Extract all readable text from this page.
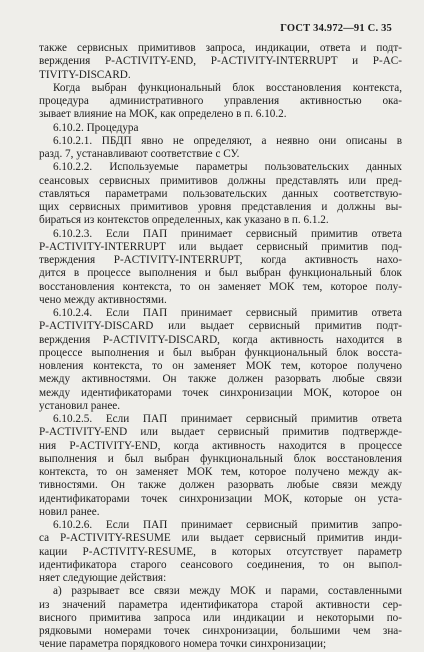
ГОСТ 34.972—91 С. 35
также сервисных примитивов запроса, индикации, ответа и подт-
верждения P-ACTIVITY-END, P-ACTIVITY-INTERRUPT и P-AC-
TIVITY-DISCARD.
Когда выбран функциональный блок восстановления контекста,
процедура административного управления активностью ока-
зывает влияние на МОК, как определено в п. 6.10.2.
6.10.2. Процедура
6.10.2.1. ПБДП явно не определяют, а неявно они описаны в
разд. 7, устанавливают соответствие с СУ.
6.10.2.2. Используемые параметры пользовательских данных
сеансовых сервисных примитивов должны представлять или пред-
ставляться параметрами пользовательских данных соответствую-
щих сервисных примитивов уровня представления и должны вы-
бираться из контекстов определенных, как указано в п. 6.1.2.
6.10.2.3. Если ПАП принимает сервисный примитив ответа
P-ACTIVITY-INTERRUPT или выдает сервисный примитив под-
тверждения P-ACTIVITY-INTERRUPT, когда активность нахо-
дится в процессе выполнения и был выбран функциональный блок
восстановления контекста, то он заменяет МОК тем, которое полу-
чено между активностями.
6.10.2.4. Если ПАП принимает сервисный примитив ответа
P-ACTIVITY-DISCARD или выдает сервисный примитив подт-
верждения P-ACTIVITY-DISCARD, когда активность находится в
процессе выполнения и был выбран функциональный блок восста-
новления контекста, то он заменяет МОК тем, которое получено
между активностями. Он также должен разорвать любые связи
между идентификаторами точек синхронизации МОК, которое он
установил ранее.
6.10.2.5. Если ПАП принимает сервисный примитив ответа
P-ACTIVITY-END или выдает сервисный примитив подтвержде-
ния P-ACTIVITY-END, когда активность находится в процессе
выполнения и был выбран функциональный блок восстановления
контекста, то он заменяет МОК тем, которое получено между ак-
тивностями. Он также должен разорвать любые связи между
идентификаторами точек синхронизации МОК, которые он уста-
новил ранее.
6.10.2.6. Если ПАП принимает сервисный примитив запро-
са P-ACTIVITY-RESUME или выдает сервисный примитив инди-
кации P-ACTIVITY-RESUME, в которых отсутствует параметр
идентификатора старого сеансового соединения, то он выпол-
няет следующие действия:
а) разрывает все связи между МОК и парами, составленными
из значений параметра идентификатора старой активности сер-
висного примитива запроса или индикации и некоторыми по-
рядковыми номерами точек синхронизации, большими чем зна-
чение параметра порядкового номера точки синхронизации;
